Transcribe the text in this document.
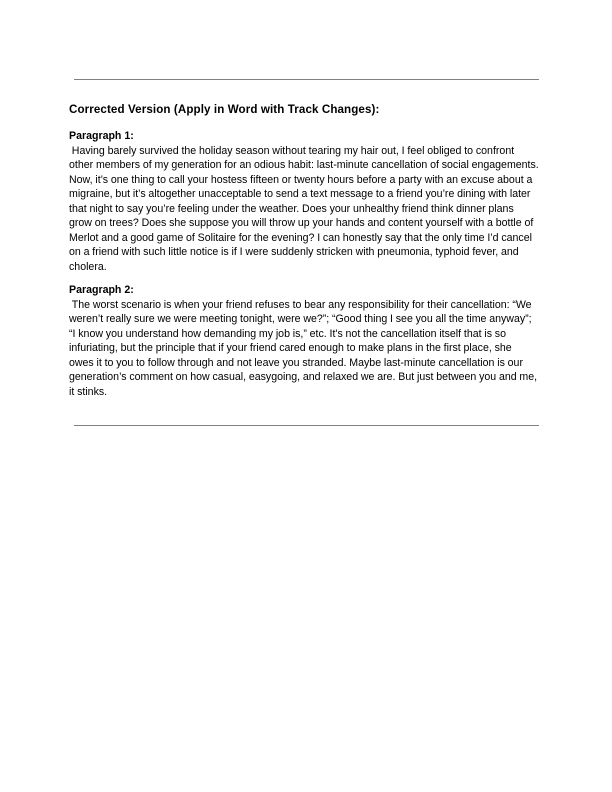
Corrected Version (Apply in Word with Track Changes):
Paragraph 1:

Having barely survived the holiday season without tearing my hair out, I feel obliged to confront other members of my generation for an odious habit: last-minute cancellation of social engagements. Now, it’s one thing to call your hostess fifteen or twenty hours before a party with an excuse about a migraine, but it’s altogether unacceptable to send a text message to a friend you’re dining with later that night to say you’re feeling under the weather. Does your unhealthy friend think dinner plans grow on trees? Does she suppose you will throw up your hands and content yourself with a bottle of Merlot and a good game of Solitaire for the evening? I can honestly say that the only time I’d cancel on a friend with such little notice is if I were suddenly stricken with pneumonia, typhoid fever, and cholera.

Paragraph 2:

The worst scenario is when your friend refuses to bear any responsibility for their cancellation: “We weren’t really sure we were meeting tonight, were we?”; “Good thing I see you all the time anyway”; “I know you understand how demanding my job is,” etc. It's not the cancellation itself that is so infuriating, but the principle that if your friend cared enough to make plans in the first place, she owes it to you to follow through and not leave you stranded. Maybe last-minute cancellation is our generation’s comment on how casual, easygoing, and relaxed we are. But just between you and me, it stinks.
